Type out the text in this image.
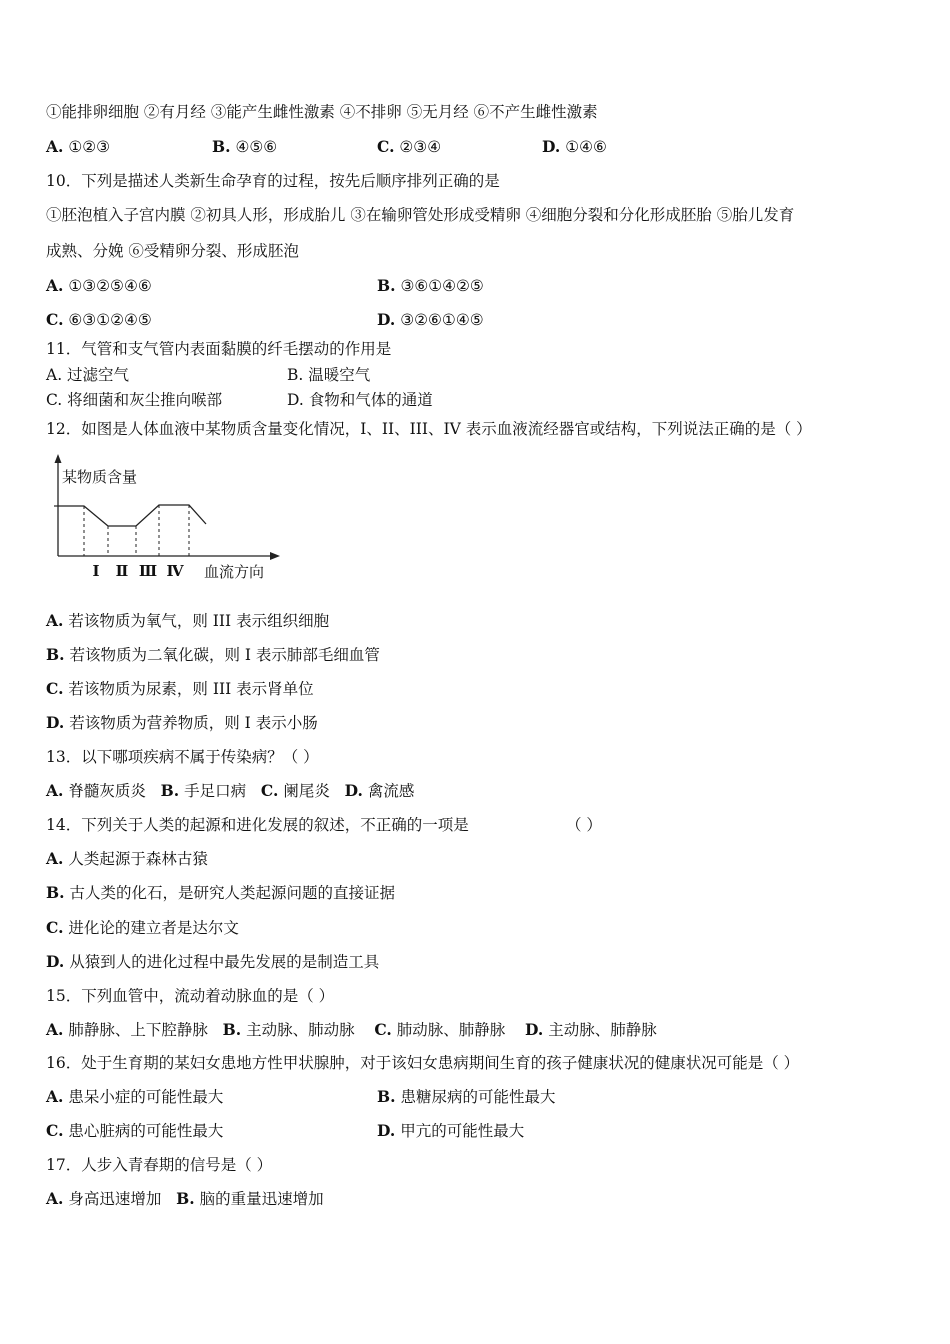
①能排卵细胞 ②有月经 ③能产生雌性激素 ④不排卵 ⑤无月经 ⑥不产生雌性激素
A. ①②③	B. ④⑤⑥	C. ②③④	D. ①④⑥
10．下列是描述人类新生命孕育的过程，按先后顺序排列正确的是
①胚泡植入子宫内膜 ②初具人形，形成胎儿 ③在输卵管处形成受精卵 ④细胞分裂和分化形成胚胎 ⑤胎儿发育
成熟、分娩 ⑥受精卵分裂、形成胚泡
A. ①③②⑤④⑥	B. ③⑥①④②⑤
C. ⑥③①②④⑤	D. ③②⑥①④⑤
11．气管和支气管内表面黏膜的纤毛摆动的作用是
A. 过滤空气	B. 温暖空气
C. 将细菌和灰尘推向喉部	D. 食物和气体的通道
12．如图是人体血液中某物质含量变化情况，I、II、III、IV 表示血液流经器官或结构，下列说法正确的是（ ）
某物质含量
Ⅰ Ⅱ Ⅲ Ⅳ 血流方向
A. 若该物质为氧气，则 III 表示组织细胞
B. 若该物质为二氧化碳，则 I 表示肺部毛细血管
C. 若该物质为尿素，则 III 表示肾单位
D. 若该物质为营养物质，则 I 表示小肠
13．以下哪项疾病不属于传染病？（ ）
A. 脊髓灰质炎 B. 手足口病 C. 阑尾炎 D. 禽流感
14．下列关于人类的起源和进化发展的叙述，不正确的一项是	（ ）
A. 人类起源于森林古猿
B. 古人类的化石，是研究人类起源问题的直接证据
C. 进化论的建立者是达尔文
D. 从猿到人的进化过程中最先发展的是制造工具
15．下列血管中，流动着动脉血的是（ ）
A. 肺静脉、上下腔静脉 B. 主动脉、肺动脉 C. 肺动脉、肺静脉 D. 主动脉、肺静脉
16．处于生育期的某妇女患地方性甲状腺肿，对于该妇女患病期间生育的孩子健康状况的健康状况可能是（ ）
A. 患呆小症的可能性最大	B. 患糖尿病的可能性最大
C. 患心脏病的可能性最大	D. 甲亢的可能性最大
17．人步入青春期的信号是（ ）
A. 身高迅速增加 B. 脑的重量迅速增加
